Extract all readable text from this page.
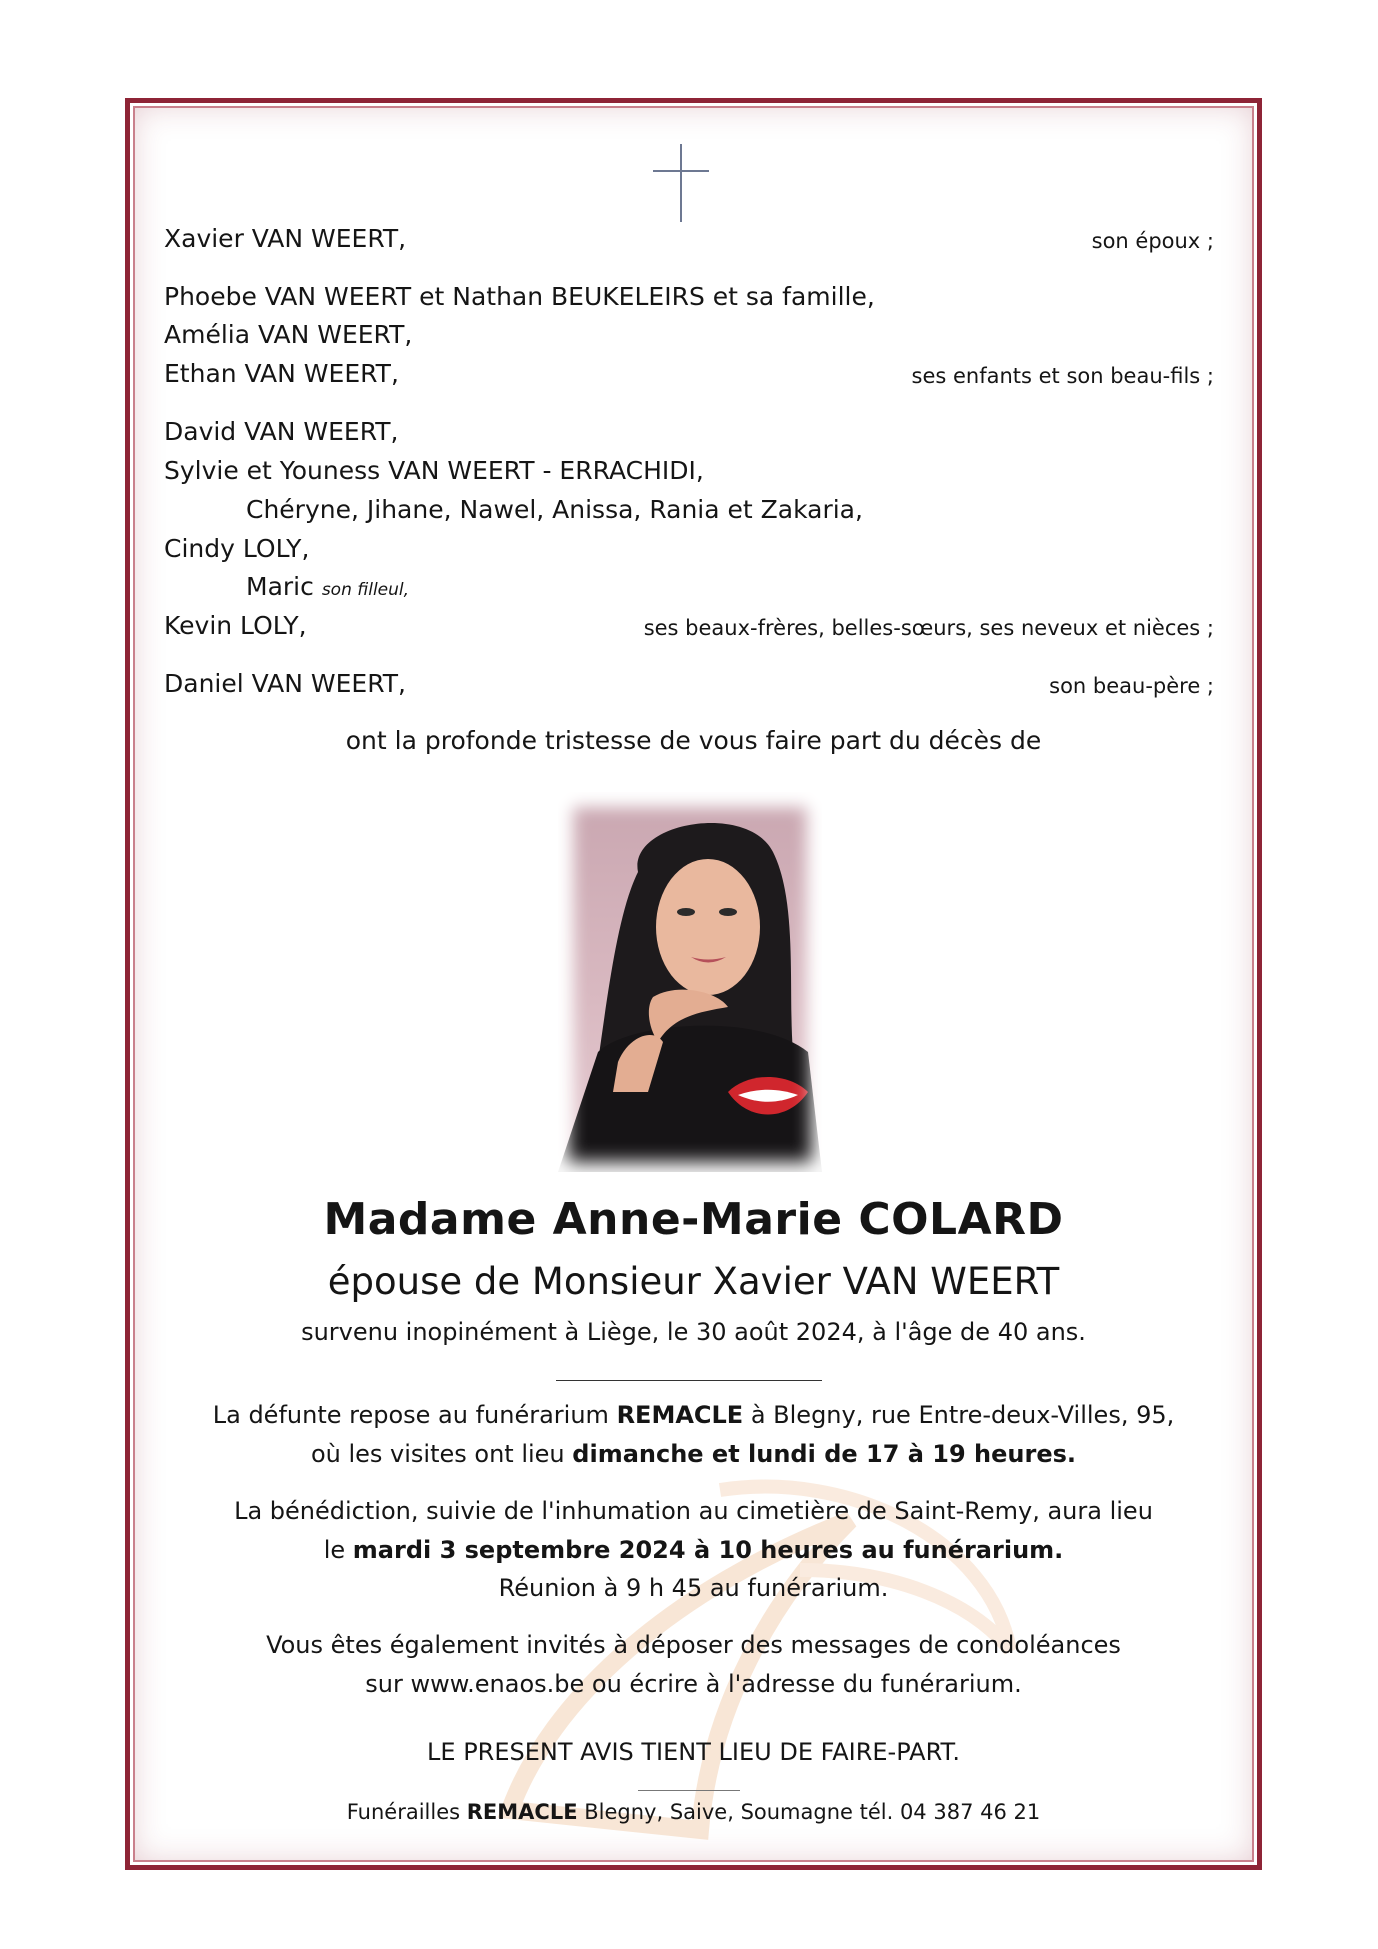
Xavier VAN WEERT,	son époux ;
Phoebe VAN WEERT et Nathan BEUKELEIRS et sa famille,
Amélia VAN WEERT,
Ethan VAN WEERT,	ses enfants et son beau-fils ;
David VAN WEERT,
Sylvie et Youness VAN WEERT - ERRACHIDI,
Chéryne, Jihane, Nawel, Anissa, Rania et Zakaria,
Cindy LOLY,
Maric son filleul,
Kevin LOLY,	ses beaux-frères, belles-sœurs, ses neveux et nièces ;
Daniel VAN WEERT,	son beau-père ;
ont la profonde tristesse de vous faire part du décès de
Madame Anne-Marie COLARD
épouse de Monsieur Xavier VAN WEERT
survenu inopinément à Liège, le 30 août 2024, à l'âge de 40 ans.
La défunte repose au funérarium REMACLE à Blegny, rue Entre-deux-Villes, 95,
où les visites ont lieu dimanche et lundi de 17 à 19 heures.
La bénédiction, suivie de l'inhumation au cimetière de Saint-Remy, aura lieu
le mardi 3 septembre 2024 à 10 heures au funérarium.
Réunion à 9 h 45 au funérarium.
Vous êtes également invités à déposer des messages de condoléances
sur www.enaos.be ou écrire à l'adresse du funérarium.
LE PRESENT AVIS TIENT LIEU DE FAIRE-PART.
Funérailles REMACLE Blegny, Saive, Soumagne tél. 04 387 46 21
